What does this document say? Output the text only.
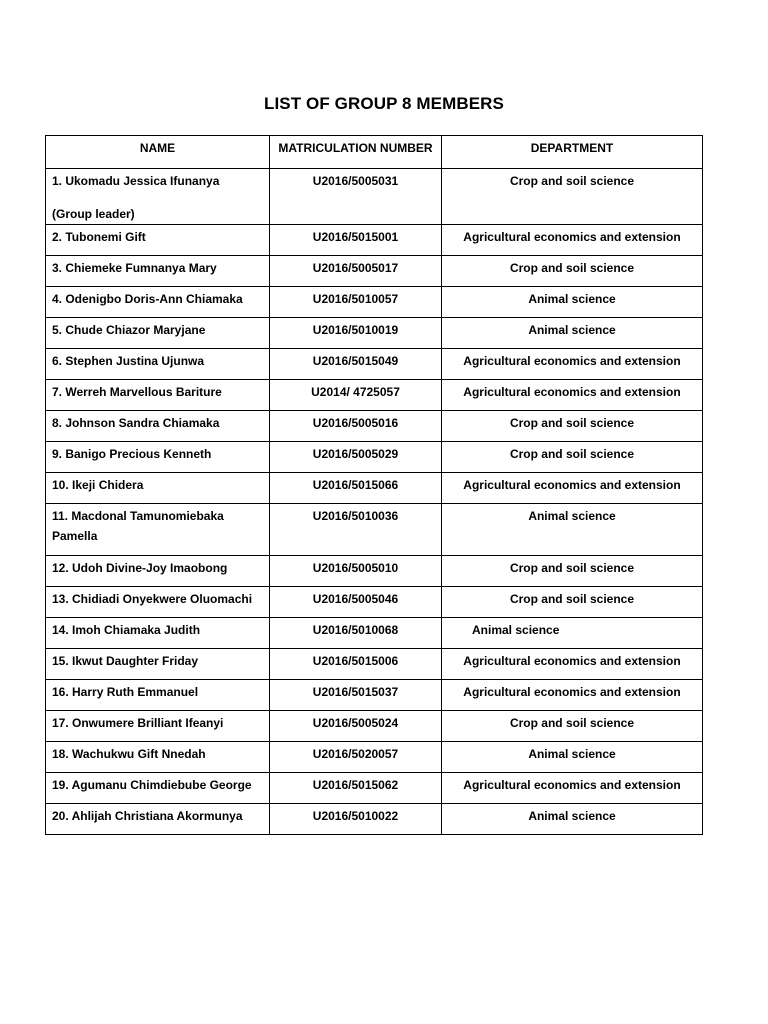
LIST OF GROUP 8 MEMBERS
NAME	MATRICULATION NUMBER	DEPARTMENT
1. Ukomadu Jessica Ifunanya
(Group leader)	U2016/5005031	Crop and soil science
2. Tubonemi Gift	U2016/5015001	Agricultural economics and extension
3. Chiemeke Fumnanya Mary	U2016/5005017	Crop and soil science
4. Odenigbo Doris-Ann Chiamaka	U2016/5010057	Animal science
5. Chude Chiazor Maryjane	U2016/5010019	Animal science
6. Stephen Justina Ujunwa	U2016/5015049	Agricultural economics and extension
7. Werreh Marvellous Bariture	U2014/ 4725057	Agricultural economics and extension
8. Johnson Sandra Chiamaka	U2016/5005016	Crop and soil science
9. Banigo Precious Kenneth	U2016/5005029	Crop and soil science
10. Ikeji Chidera	U2016/5015066	Agricultural economics and extension
11. Macdonal Tamunomiebaka Pamella	U2016/5010036	Animal science
12. Udoh Divine-Joy Imaobong	U2016/5005010	Crop and soil science
13. Chidiadi Onyekwere Oluomachi	U2016/5005046	Crop and soil science
14. Imoh Chiamaka Judith	U2016/5010068	Animal science
15. Ikwut Daughter Friday	U2016/5015006	Agricultural economics and extension
16. Harry Ruth Emmanuel	U2016/5015037	Agricultural economics and extension
17. Onwumere Brilliant Ifeanyi	U2016/5005024	Crop and soil science
18. Wachukwu Gift Nnedah	U2016/5020057	Animal science
19. Agumanu Chimdiebube George	U2016/5015062	Agricultural economics and extension
20. Ahlijah Christiana Akormunya	U2016/5010022	Animal science
